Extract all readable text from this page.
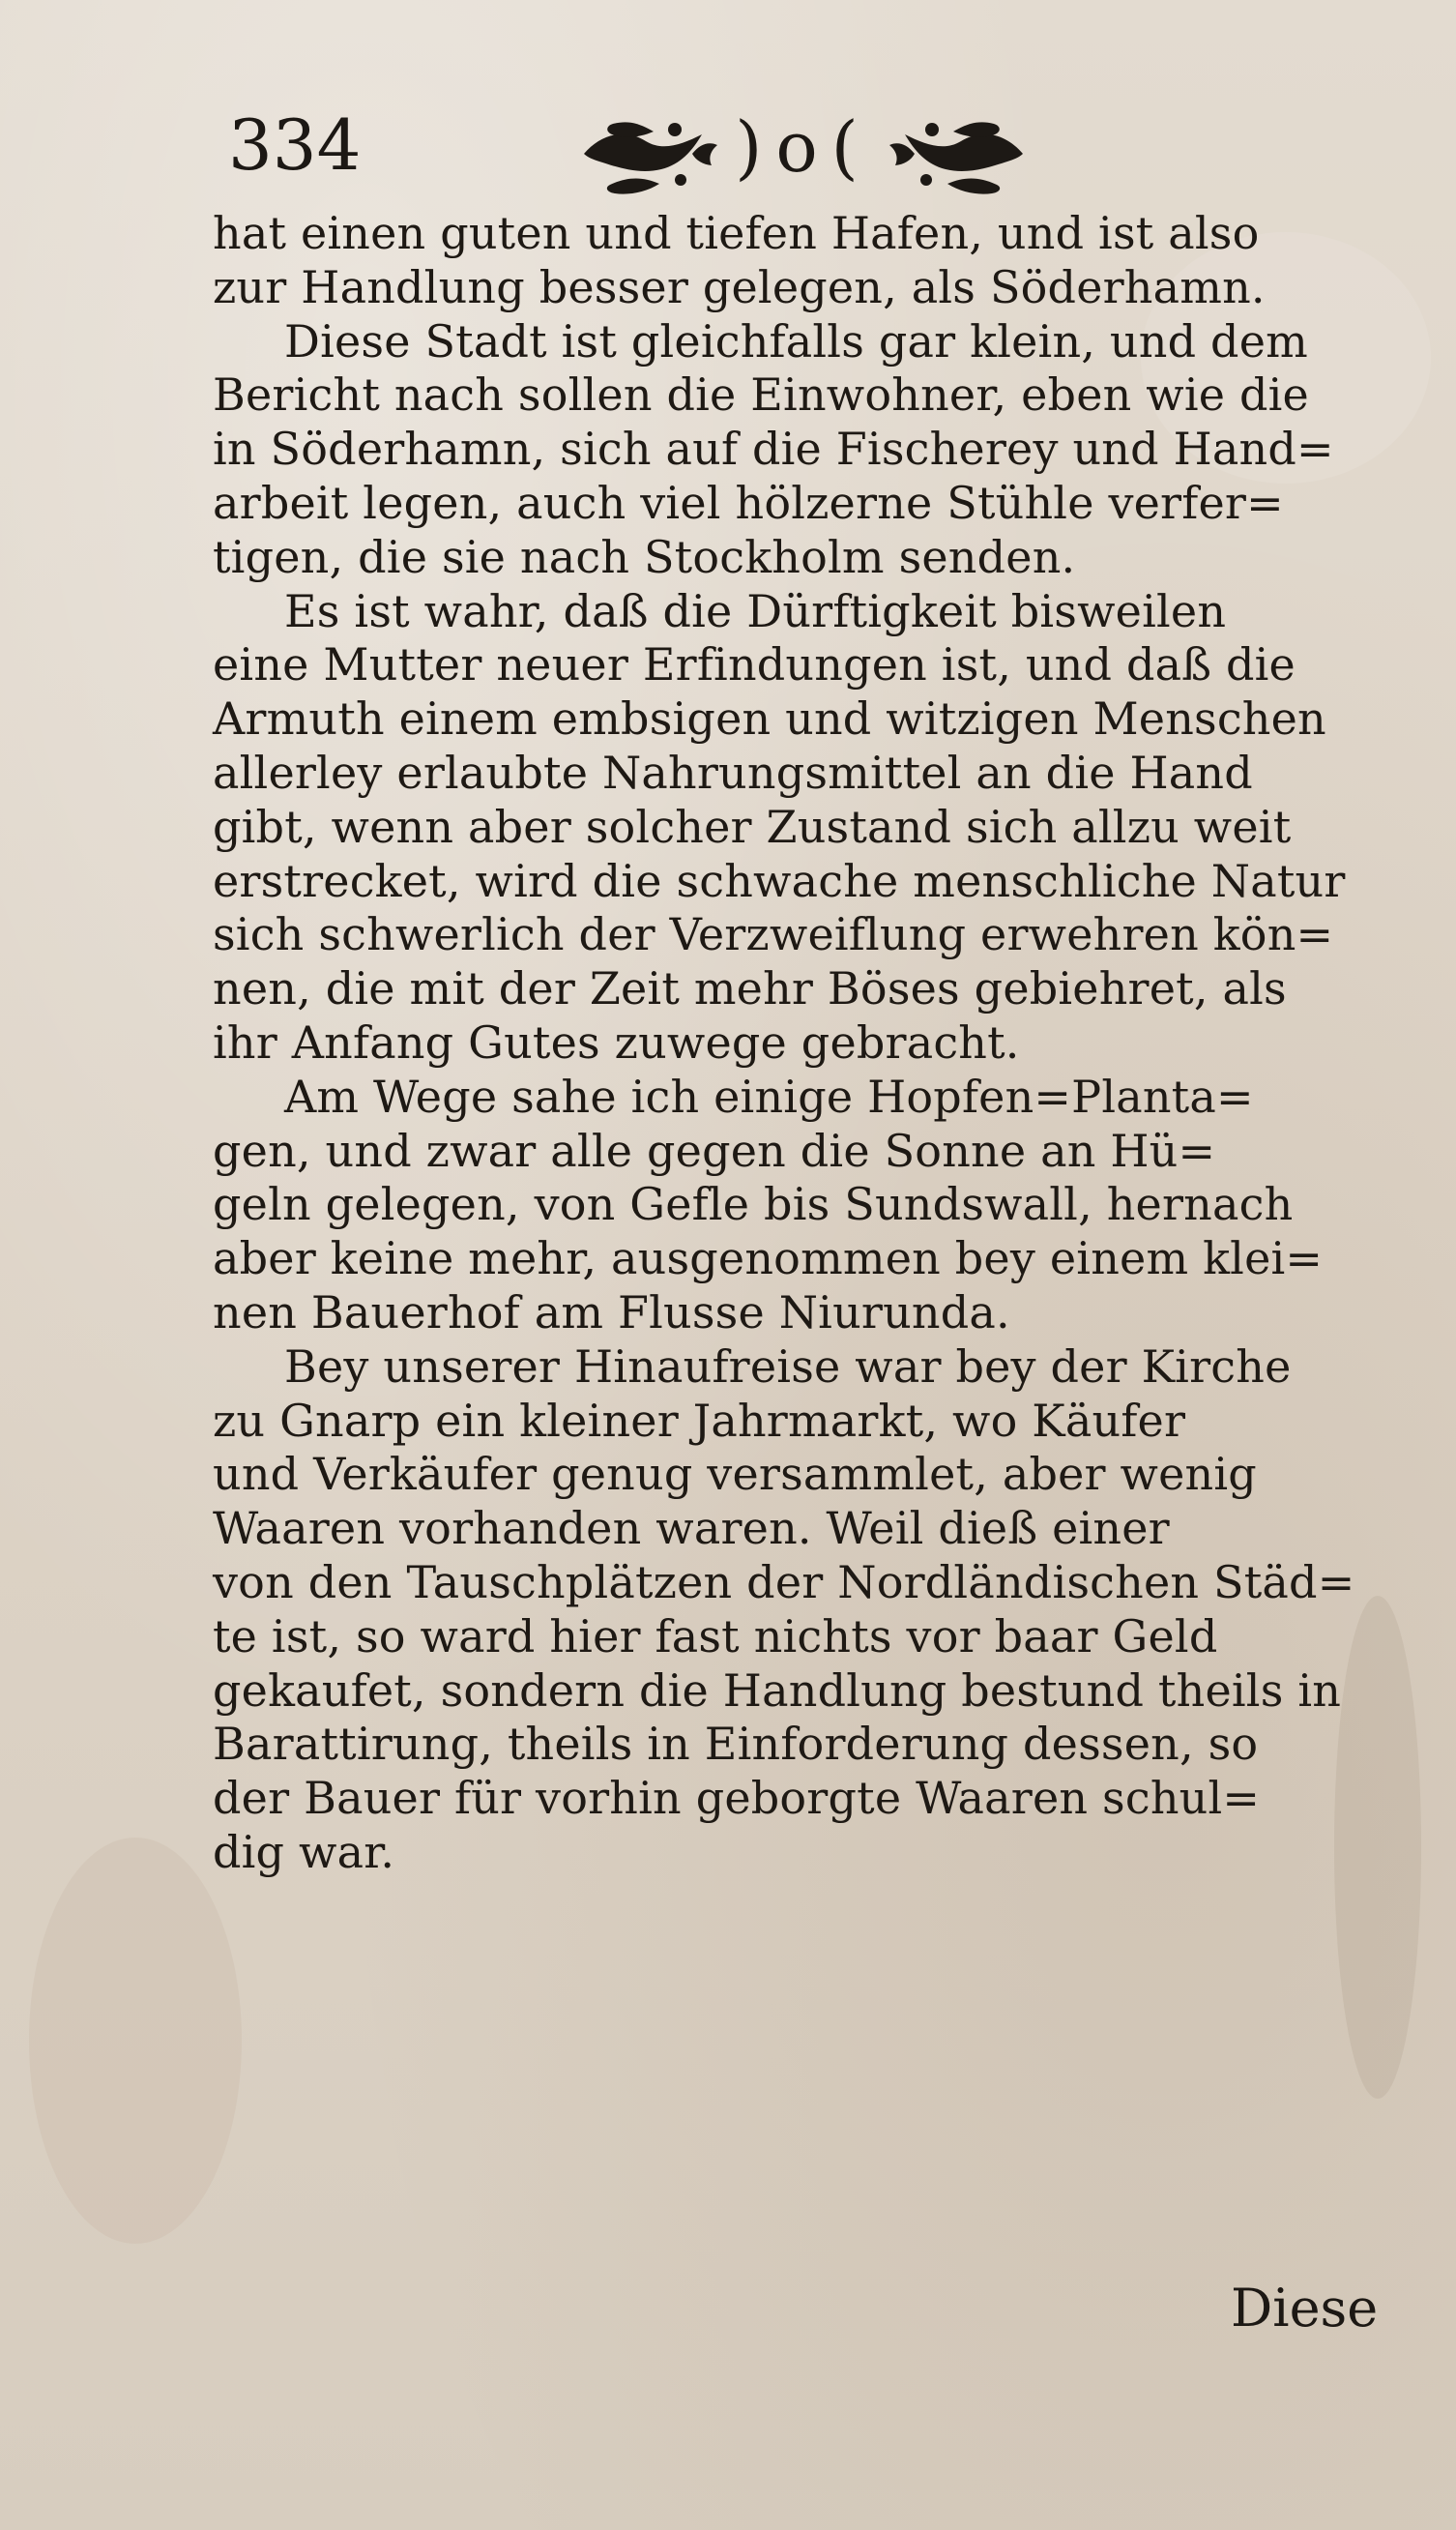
334	)o(
hat einen guten und tiefen Hafen, und ist also
zur Handlung besser gelegen, als Söderhamn.
Diese Stadt ist gleichfalls gar klein, und dem
Bericht nach sollen die Einwohner, eben wie die
in Söderhamn, sich auf die Fischerey und Hand=
arbeit legen, auch viel hölzerne Stühle verfer=
tigen, die sie nach Stockholm senden.
Es ist wahr, daß die Dürftigkeit bisweilen
eine Mutter neuer Erfindungen ist, und daß die
Armuth einem embsigen und witzigen Menschen
allerley erlaubte Nahrungsmittel an die Hand
gibt, wenn aber solcher Zustand sich allzu weit
erstrecket, wird die schwache menschliche Natur
sich schwerlich der Verzweiflung erwehren kön=
nen, die mit der Zeit mehr Böses gebiehret, als
ihr Anfang Gutes zuwege gebracht.
Am Wege sahe ich einige Hopfen=Planta=
gen, und zwar alle gegen die Sonne an Hü=
geln gelegen, von Gefle bis Sundswall, hernach
aber keine mehr, ausgenommen bey einem klei=
nen Bauerhof am Flusse Niurunda.
Bey unserer Hinaufreise war bey der Kirche
zu Gnarp ein kleiner Jahrmarkt, wo Käufer
und Verkäufer genug versammlet, aber wenig
Waaren vorhanden waren. Weil dieß einer
von den Tauschplätzen der Nordländischen Städ=
te ist, so ward hier fast nichts vor baar Geld
gekaufet, sondern die Handlung bestund theils in
Barattirung, theils in Einforderung dessen, so
der Bauer für vorhin geborgte Waaren schul=
dig war.
Diese
